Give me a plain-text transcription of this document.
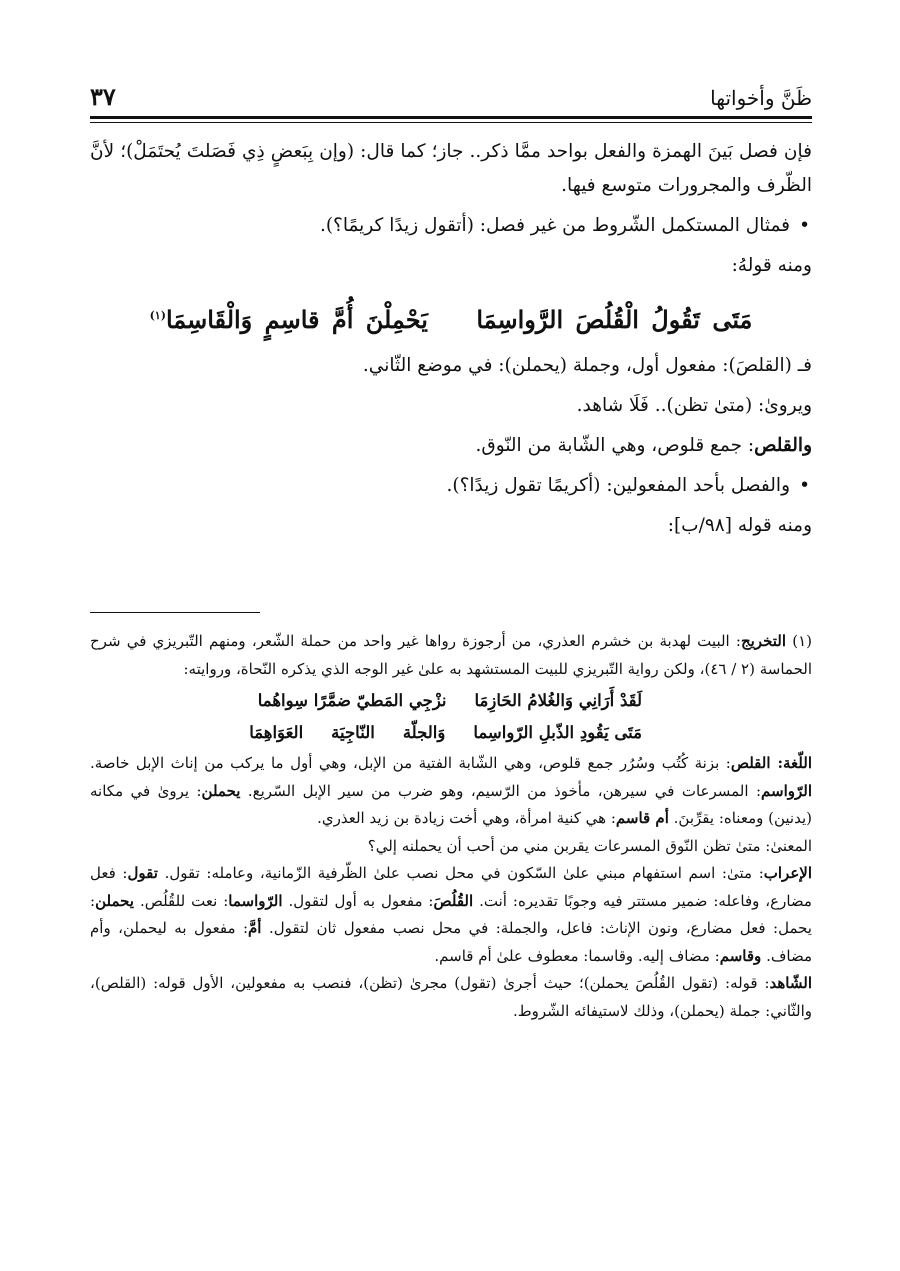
ظَنَّ وأخواتها
٣٧

فإن فصل بَينَ الهمزة والفعل بواحد ممَّا ذكر.. جاز؛ كما قال: (وإن بِبَعضٍ ذِي فَصَلتَ يُحتَمَلْ)؛ لأنَّ الظّرف والمجرورات متوسع فيها.

• فمثال المستكمل الشّروط من غير فصل: (أتقول زيدًا كريمًا؟).

ومنه قولهُ:

مَتَى تَقُولُ الْقُلُصَ الرَّواسِمَا يَحْمِلْنَ أُمَّ قاسِمٍ وَالْقَاسِمَا$^{(١)}$

فـ (القلصَ): مفعول أول، وجملة (يحملن): في موضع الثّاني.

ويروىٰ: (متىٰ تظن).. فَلَا شاهد.

والقلص: جمع قلوص، وهي الشّابة من النّوق.

• والفصل بأحد المفعولين: (أكريمًا تقول زيدًا؟).

ومنه قوله [٩٨/ب]:

(١) التخريج: البيت لهدبة بن خشرم العذري، من أرجوزة رواها غير واحد من حملة الشّعر، ومنهم التّبريزي في شرح الحماسة (٢ / ٤٦)، ولكن رواية التّبريزي للبيت المستشهد به علىٰ غير الوجه الذي يذكره النّحاة، وروايته:

لَقَدْ أَرَانِي وَالغُلامُ الحَازِمَا
نزْجِي المَطيّ ضمَّرًا سِواهُما
مَتَى يَقُودِ الذّبلِ الرّواسِما
وَالجلّة
النّاجِيَة
العَوَاهِمَا

اللّغة: القلص: بزنة كُتُب وسُرُر جمع قلوص، وهي الشّابة الفتية من الإبل، وهي أول ما يركب من إناث الإبل خاصة. الرّواسم: المسرعات في سيرهن، مأخوذ من الرّسيم، وهو ضرب من سير الإبل السّريع. يحملن: يروىٰ في مكانه (يدنين) ومعناه: يقرِّبنَ. أم قاسم: هي كنية امرأة، وهي أخت زيادة بن زيد العذري.

المعنىٰ: متىٰ تظن النّوق المسرعات يقربن مني من أحب أن يحملنه إلي؟

الإعراب: متىٰ: اسم استفهام مبني علىٰ السّكون في محل نصب علىٰ الظّرفية الزّمانية، وعامله: تقول. تقول: فعل مضارع، وفاعله: ضمير مستتر فيه وجوبًا تقديره: أنت. القُلُصَ: مفعول به أول لتقول. الرّواسما: نعت للقُلُص. يحملن: يحمل: فعل مضارع، ونون الإناث: فاعل، والجملة: في محل نصب مفعول ثان لتقول. أمَّ: مفعول به ليحملن، وأم مضاف. وقاسم: مضاف إليه. وقاسما: معطوف علىٰ أم قاسم.

الشّاهد: قوله: (تقول القُلُصَ يحملن)؛ حيث أجرىٰ (تقول) مجرىٰ (تظن)، فنصب به مفعولين، الأول قوله: (القلص)، والثّاني: جملة (يحملن)، وذلك لاستيفائه الشّروط.
